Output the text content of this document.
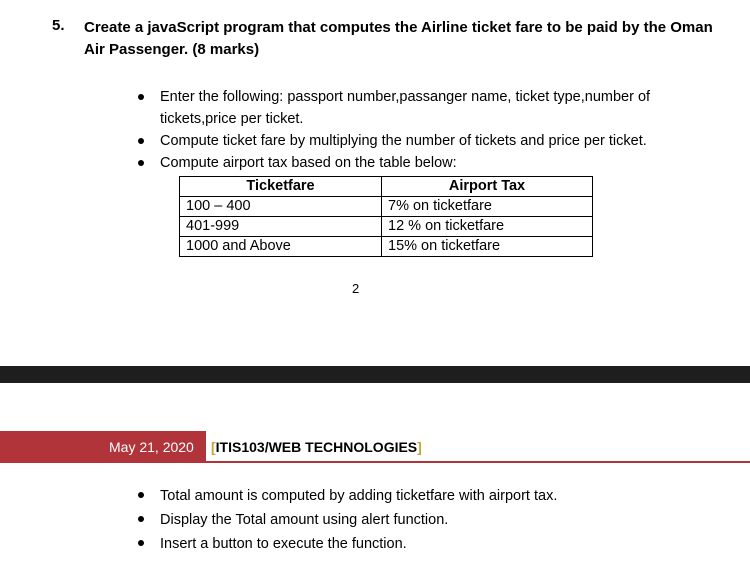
5. Create a javaScript program that computes the Airline ticket fare to be paid by the Oman Air Passenger. (8 marks)
Enter the following: passport number,passanger name, ticket type,number of tickets,price per ticket.
Compute ticket fare by multiplying the number of tickets and price per ticket.
Compute airport tax based on the table below:
Ticketfare	Airport Tax
100 – 400	7% on ticketfare
401-999	12 % on ticketfare
1000 and Above	15% on ticketfare
2
May 21, 2020 [ITIS103/WEB TECHNOLOGIES]
Total amount is computed by adding ticketfare with airport tax.
Display the Total amount using alert function.
Insert a button to execute the function.
